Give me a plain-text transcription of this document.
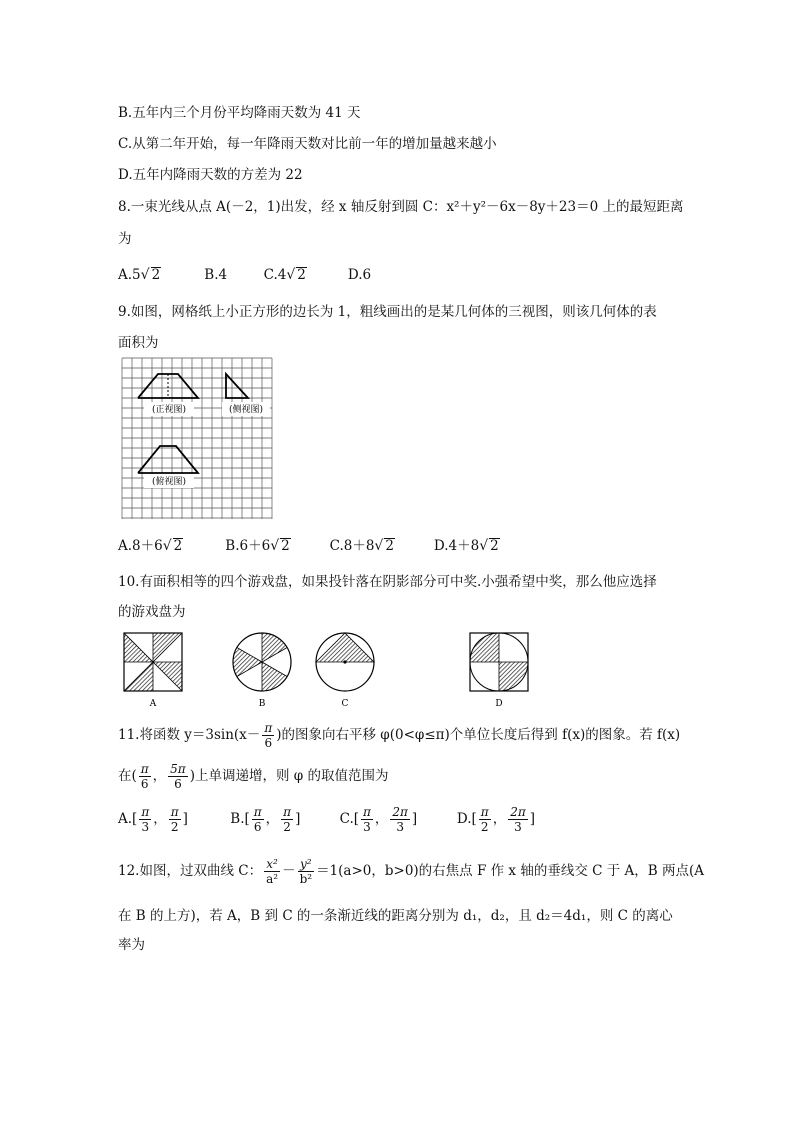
B.五年内三个月份平均降雨天数为 41 天
C.从第二年开始，每一年降雨天数对比前一年的增加量越来越小
D.五年内降雨天数的方差为 22
8.一束光线从点 A(－2，1)出发，经 x 轴反射到圆 C：x²＋y²－6x－8y＋23＝0 上的最短距离
为
A.5√ 2	B.4	C.4√ 2	D.6
9.如图，网格纸上小正方形的边长为 1，粗线画出的是某几何体的三视图，则该几何体的表
面积为
(正视图)	(侧视图)
(俯视图)
A.8＋6√ 2	B.6＋6√ 2	C.8＋8√ 2	D.4＋8√ 2
10.有面积相等的四个游戏盘，如果投针落在阴影部分可中奖.小强希望中奖，那么他应选择
的游戏盘为
A	B	C	D
11.将函数 $y=3\sin(x- \frac{\pi}{6}$ )的图象向右平移 φ(0<φ≤π)个单位长度后得到 f(x)的图象。若 f(x)
在( $\frac{\pi}{6}$ ， $\frac{5\pi}{6}$ )上单调递增，则 φ 的取值范围为
$A.[ \frac{\pi}{3}$ ， $\frac{\pi}{2}$ ]	$B.[ \frac{\pi}{6}$ ， $\frac{\pi}{2}$ ]	$C.[ \frac{\pi}{3}$ ， $\frac{2\pi}{3}$ ]	$D.[ \frac{\pi}{2}$ ， $\frac{2\pi}{3}$ ]
12.如图，过双曲线 C： $\frac{\text{x²}}{\text{a²}} - \frac{\text{y²}}{\text{b²}} =1(a>0$，b>0)的右焦点 F 作 x 轴的垂线交 C 于 A，B 两点(A
在 B 的上方)，若 A，B 到 C 的一条渐近线的距离分别为 d₁，d₂，且 d₂＝4d₁，则 C 的离心
率为
